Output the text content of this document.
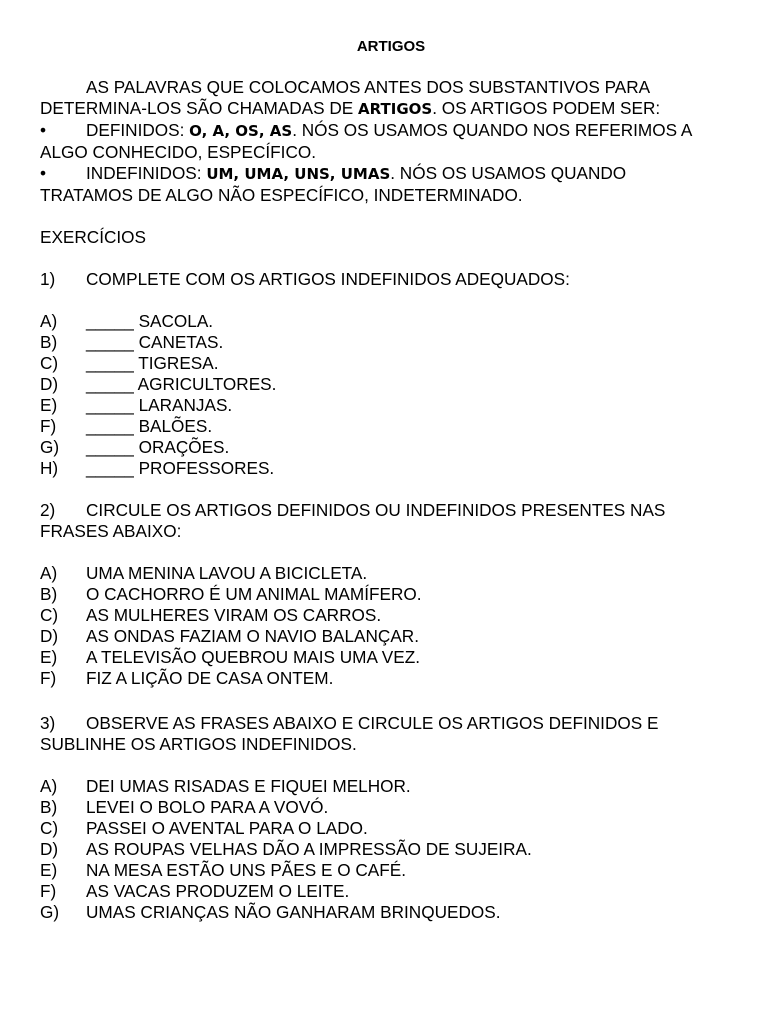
ARTIGOS

AS PALAVRAS QUE COLOCAMOS ANTES DOS SUBSTANTIVOS PARA

DETERMINA-LOS SÃO CHAMADAS DE ARTIGOS. OS ARTIGOS PODEM SER:

•	DEFINIDOS: O, A, OS, AS. NÓS OS USAMOS QUANDO NOS REFERIMOS A

ALGO CONHECIDO, ESPECÍFICO.

•	INDEFINIDOS: UM, UMA, UNS, UMAS. NÓS OS USAMOS QUANDO

TRATAMOS DE ALGO NÃO ESPECÍFICO, INDETERMINADO.

EXERCÍCIOS

1)	COMPLETE COM OS ARTIGOS INDEFINIDOS ADEQUADOS:
A)	_____ SACOLA.
B)	_____ CANETAS.
C)	_____ TIGRESA.
D)	_____ AGRICULTORES.
E)	_____ LARANJAS.
F)	_____ BALÕES.
G)	_____ ORAÇÕES.
H)	_____ PROFESSORES.
2)	CIRCULE OS ARTIGOS DEFINIDOS OU INDEFINIDOS PRESENTES NAS

FRASES ABAIXO:

A)	UMA MENINA LAVOU A BICICLETA.
B)	O CACHORRO É UM ANIMAL MAMÍFERO.
C)	AS MULHERES VIRAM OS CARROS.
D)	AS ONDAS FAZIAM O NAVIO BALANÇAR.
E)	A TELEVISÃO QUEBROU MAIS UMA VEZ.
F)	FIZ A LIÇÃO DE CASA ONTEM.
3)	OBSERVE AS FRASES ABAIXO E CIRCULE OS ARTIGOS DEFINIDOS E

SUBLINHE OS ARTIGOS INDEFINIDOS.

A)	DEI UMAS RISADAS E FIQUEI MELHOR.
B)	LEVEI O BOLO PARA A VOVÓ.
C)	PASSEI O AVENTAL PARA O LADO.
D)	AS ROUPAS VELHAS DÃO A IMPRESSÃO DE SUJEIRA.
E)	NA MESA ESTÃO UNS PÃES E O CAFÉ.
F)	AS VACAS PRODUZEM O LEITE.
G)	UMAS CRIANÇAS NÃO GANHARAM BRINQUEDOS.
